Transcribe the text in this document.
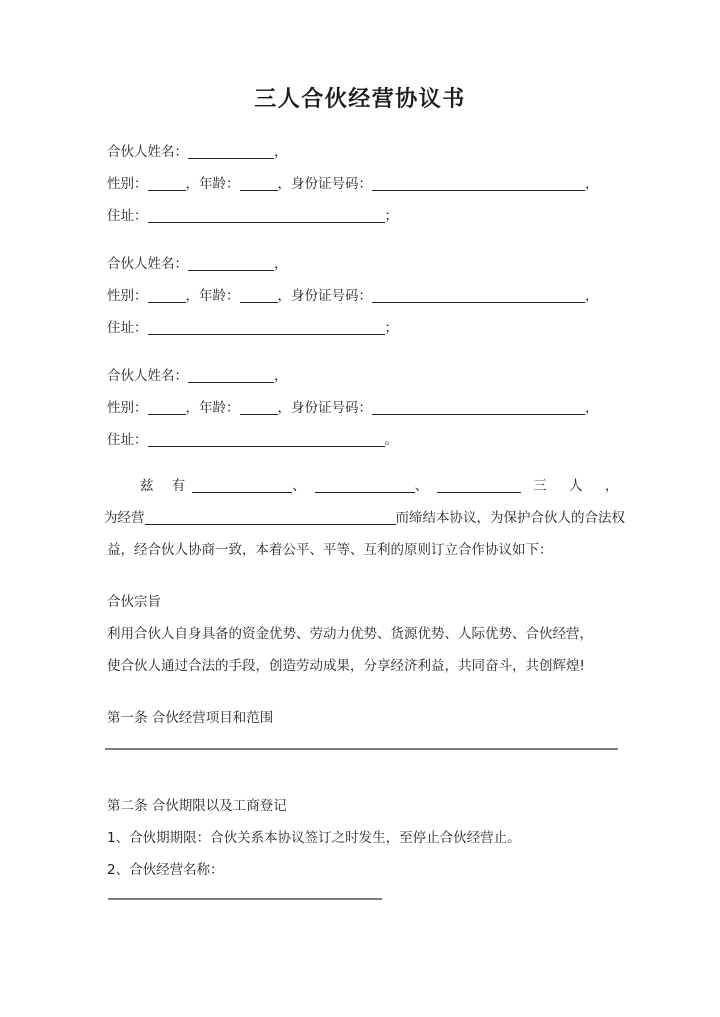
三人合伙经营协议书
合伙人姓名：	，
性别：	，年龄：	，身份证号码：	，
住址：	；
合伙人姓名：	，
性别：	，年龄：	，身份证号码：	，
住址：	；
合伙人姓名：	，
性别：	，年龄：	，身份证号码：	，
住址：	。
兹 有	、	、	三 人 ，
为经营	而缔结本协议，为保护合伙人的合法权
益，经合伙人协商一致，本着公平、平等、互利的原则订立合作协议如下：
合伙宗旨
利用合伙人自身具备的资金优势、劳动力优势、货源优势、人际优势、合伙经营，
使合伙人通过合法的手段，创造劳动成果，分享经济利益，共同奋斗，共创辉煌!
第一条 合伙经营项目和范围
第二条 合伙期限以及工商登记
1、合伙期期限：合伙关系本协议签订之时发生，至停止合伙经营止。
2、合伙经营名称：
